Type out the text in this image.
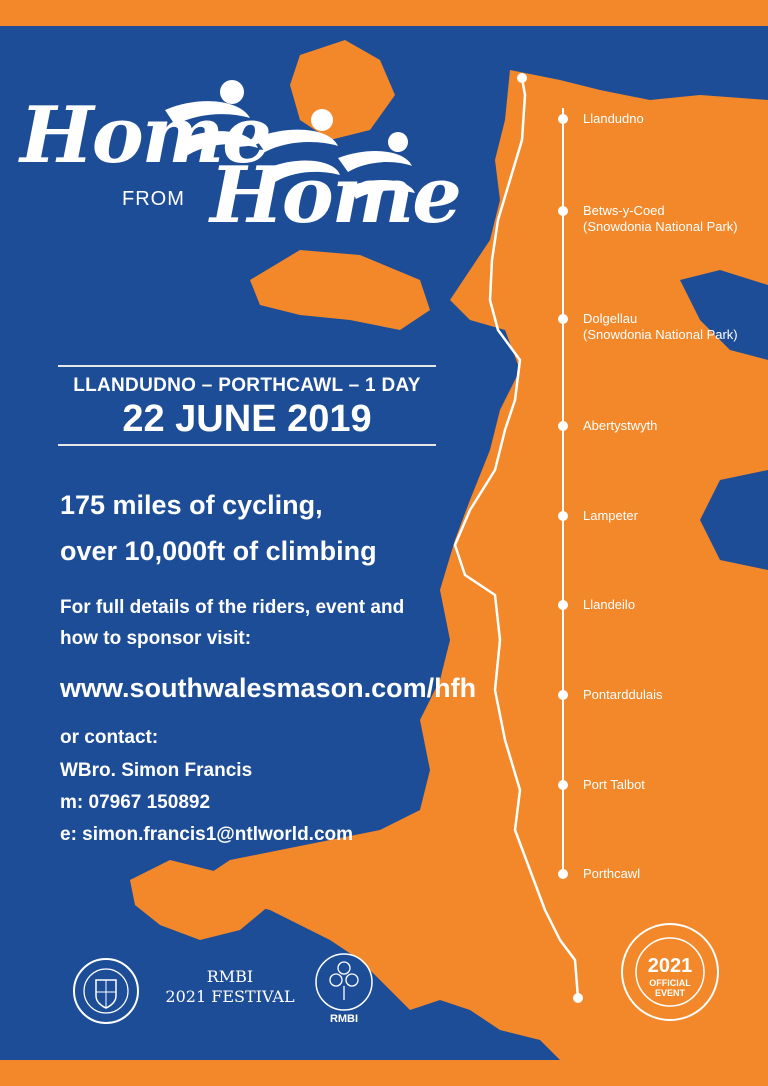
Home
FROM Home
LLANDUDNO – PORTHCAWL – 1 DAY
22 JUNE 2019
175 miles of cycling,
over 10,000ft of climbing
For full details of the riders, event and
how to sponsor visit:
www.southwalesmason.com/hfh
or contact:
WBro. Simon Francis
m: 07967 150892
e: simon.francis1@ntlworld.com
Llandudno
Betws-y-Coed
(Snowdonia National Park)
Dolgellau
(Snowdonia National Park)
Abertystwyth
Lampeter
Llandeilo
Pontarddulais
Port Talbot
Porthcawl
RMBI
2021 FESTIVAL
RMBI
2021
OFFICIAL
EVENT
